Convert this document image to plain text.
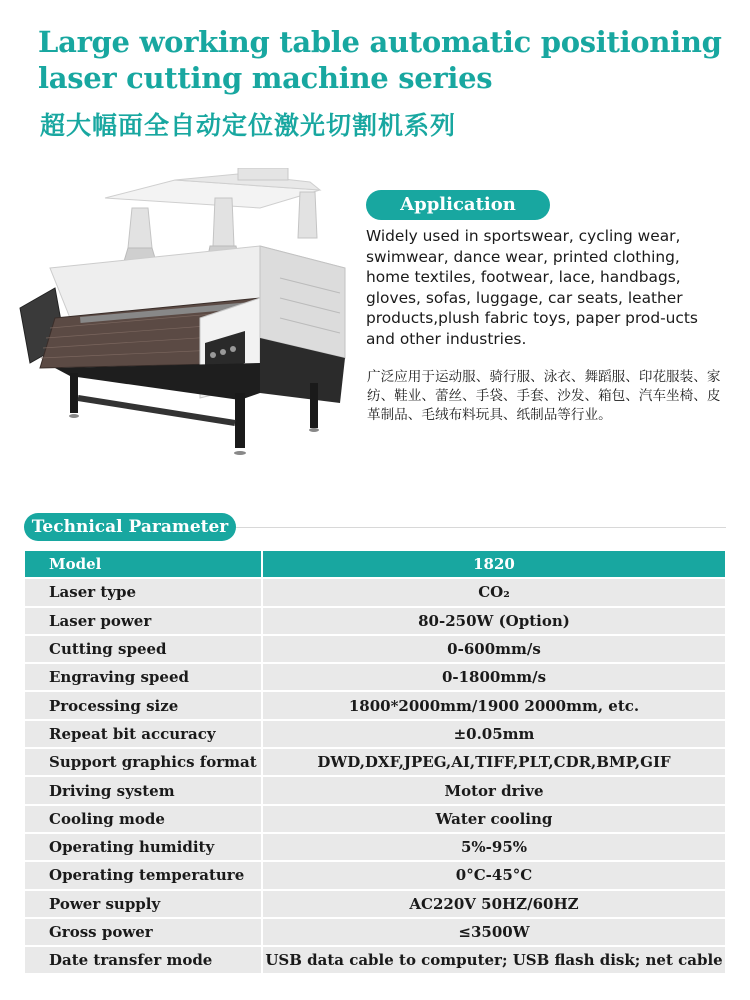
Large working table automatic positioning laser cutting machine series
超大幅面全自动定位激光切割机系列
Application

Widely used in sportswear, cycling wear, swimwear, dance wear, printed clothing, home textiles, footwear, lace, handbags, gloves, sofas, luggage, car seats, leather products,plush fabric toys, paper prod-ucts and other industries.

广泛应用于运动服、骑行服、泳衣、舞蹈服、印花服装、家纺、鞋业、蕾丝、手袋、手套、沙发、箱包、汽车坐椅、皮革制品、毛绒布料玩具、纸制品等行业。

Technical Parameter
Model	1820
Laser type	CO₂
Laser power	80-250W (Option)
Cutting speed	0-600mm/s
Engraving speed	0-1800mm/s
Processing size	1800*2000mm/1900 2000mm, etc.
Repeat bit accuracy	±0.05mm
Support graphics format	DWD,DXF,JPEG,AI,TIFF,PLT,CDR,BMP,GIF
Driving system	Motor drive
Cooling mode	Water cooling
Operating humidity	5%-95%
Operating temperature	0°C-45°C
Power supply	AC220V 50HZ/60HZ
Gross power	≤3500W
Date transfer mode	USB data cable to computer; USB flash disk; net cable
